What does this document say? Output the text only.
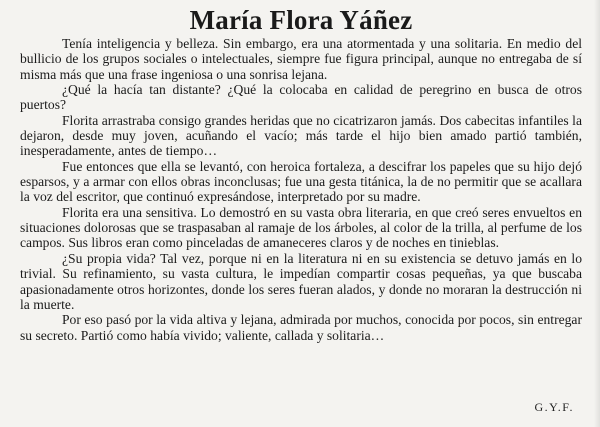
María Flora Yáñez

Tenía inteligencia y belleza. Sin embargo, era una atormentada y una solitaria. En medio del bullicio de los grupos sociales o intelectuales, siempre fue figura principal, aunque no entregaba de sí misma más que una frase ingeniosa o una sonrisa lejana.

¿Qué la hacía tan distante? ¿Qué la colocaba en calidad de peregrino en busca de otros puertos?

Florita arrastraba consigo grandes heridas que no cicatrizaron jamás. Dos cabecitas infantiles la dejaron, desde muy joven, acuñando el vacío; más tarde el hijo bien amado partió también, inesperadamente, antes de tiempo…

Fue entonces que ella se levantó, con heroica fortaleza, a descifrar los papeles que su hijo dejó esparsos, y a armar con ellos obras inconclusas; fue una gesta titánica, la de no permitir que se acallara la voz del escritor, que continuó expresándose, interpretado por su madre.

Florita era una sensitiva. Lo demostró en su vasta obra literaria, en que creó seres envueltos en situaciones dolorosas que se traspasaban al ramaje de los árboles, al color de la trilla, al perfume de los campos. Sus libros eran como pinceladas de amaneceres claros y de noches en tinieblas.

¿Su propia vida? Tal vez, porque ni en la literatura ni en su existencia se detuvo jamás en lo trivial. Su refinamiento, su vasta cultura, le impedían compartir cosas pequeñas, ya que buscaba apasionadamente otros horizontes, donde los seres fueran alados, y donde no moraran la destrucción ni la muerte.

Por eso pasó por la vida altiva y lejana, admirada por muchos, conocida por pocos, sin entregar su secreto. Partió como había vivido; valiente, callada y solitaria…

G.Y.F.
